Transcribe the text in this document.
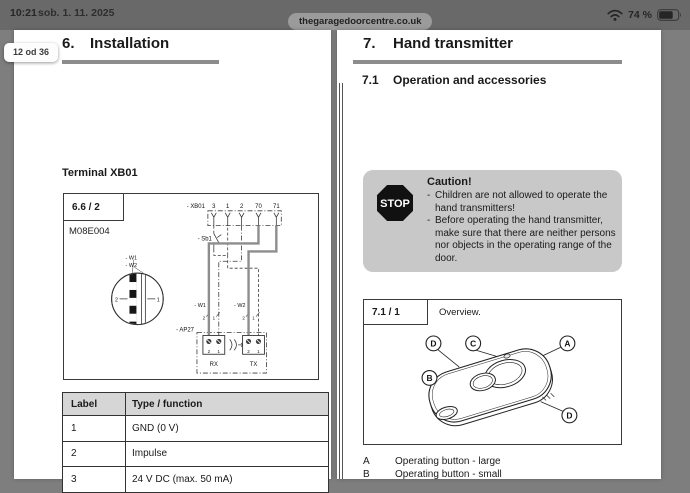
10:21 sob. 1. 11. 2025
thegaragedoorcentre.co.uk
74 %
12 od 36 6. Installation
Terminal XB01
- XB01 3 1 2 70 71
- Sb1
- W1
- W2
2	1
- W1	- W2
2 1	2 1
- AP27
2 1	2 1
RX	TX
6.6 / 2
M08E004
Label	Type / function
1	GND (0 V)
2	Impulse
3	24 V DC (max. 50 mA)
7. Hand transmitter
7.1 Operation and accessories
STOP
Caution!
- Children are not allowed to operate the hand transmitters!
- Before operating the hand transmitter, make sure that there are neither persons nor objects in the operating range of the door.
D	C	A
B
D
7.1 / 1	Overview.
A	Operating button - large
B	Operating button - small
